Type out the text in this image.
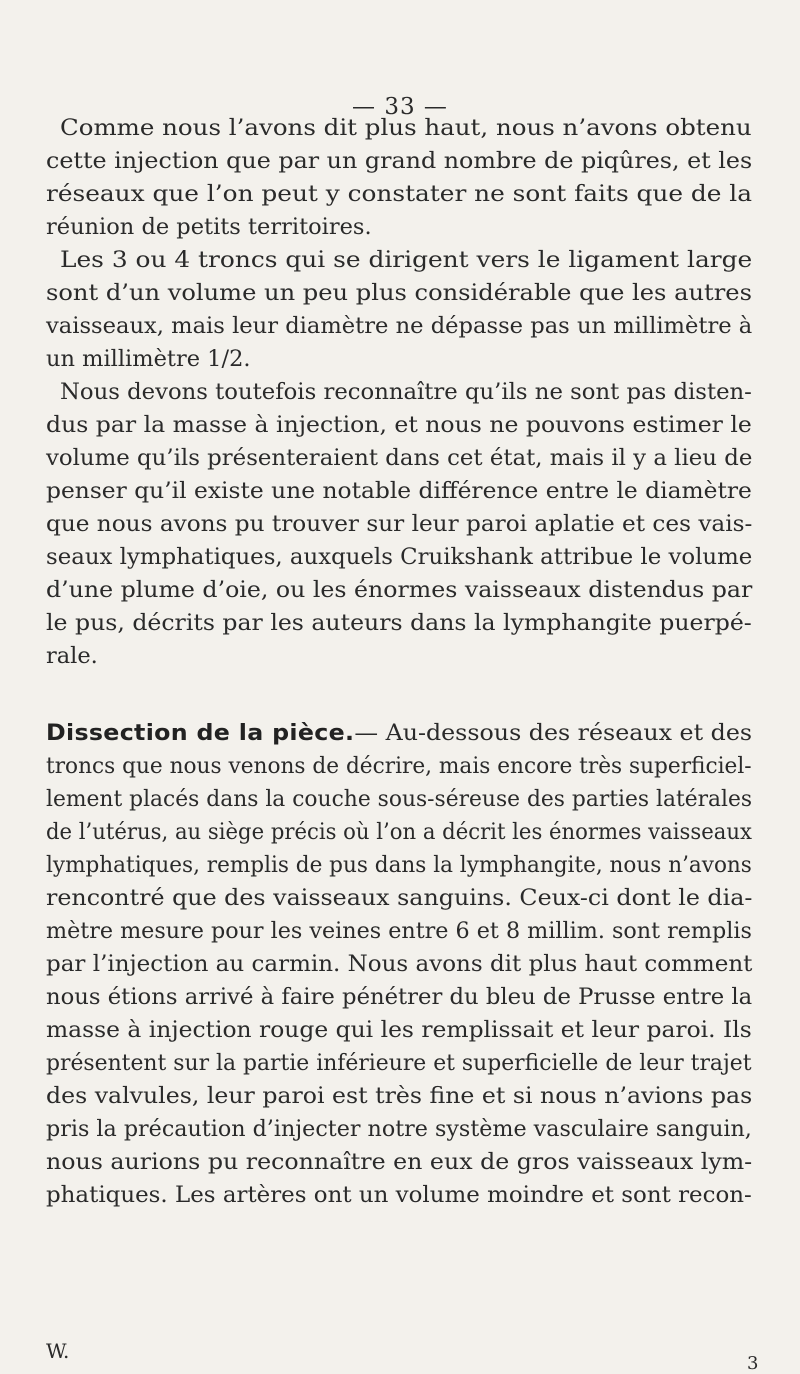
— 33 —
Comme nous l’avons dit plus haut, nous n’avons obtenu
cette injection que par un grand nombre de piqûres, et les
réseaux que l’on peut y constater ne sont faits que de la
réunion de petits territoires.
Les 3 ou 4 troncs qui se dirigent vers le ligament large
sont d’un volume un peu plus considérable que les autres
vaisseaux, mais leur diamètre ne dépasse pas un millimètre à
un millimètre 1/2.
Nous devons toutefois reconnaître qu’ils ne sont pas disten-
dus par la masse à injection, et nous ne pouvons estimer le
volume qu’ils présenteraient dans cet état, mais il y a lieu de
penser qu’il existe une notable différence entre le diamètre
que nous avons pu trouver sur leur paroi aplatie et ces vais-
seaux lymphatiques, auxquels Cruikshank attribue le volume
d’une plume d’oie, ou les énormes vaisseaux distendus par
le pus, décrits par les auteurs dans la lymphangite puerpé-
rale.
Dissection de la pièce.— Au-dessous des réseaux et des
troncs que nous venons de décrire, mais encore très superficiel-
lement placés dans la couche sous-séreuse des parties latérales
de l’utérus, au siège précis où l’on a décrit les énormes vaisseaux
lymphatiques, remplis de pus dans la lymphangite, nous n’avons
rencontré que des vaisseaux sanguins. Ceux-ci dont le dia-
mètre mesure pour les veines entre 6 et 8 millim. sont remplis
par l’injection au carmin. Nous avons dit plus haut comment
nous étions arrivé à faire pénétrer du bleu de Prusse entre la
masse à injection rouge qui les remplissait et leur paroi. Ils
présentent sur la partie inférieure et superficielle de leur trajet
des valvules, leur paroi est très fine et si nous n’avions pas
pris la précaution d’injecter notre système vasculaire sanguin,
nous aurions pu reconnaître en eux de gros vaisseaux lym-
phatiques. Les artères ont un volume moindre et sont recon-
W.
3
